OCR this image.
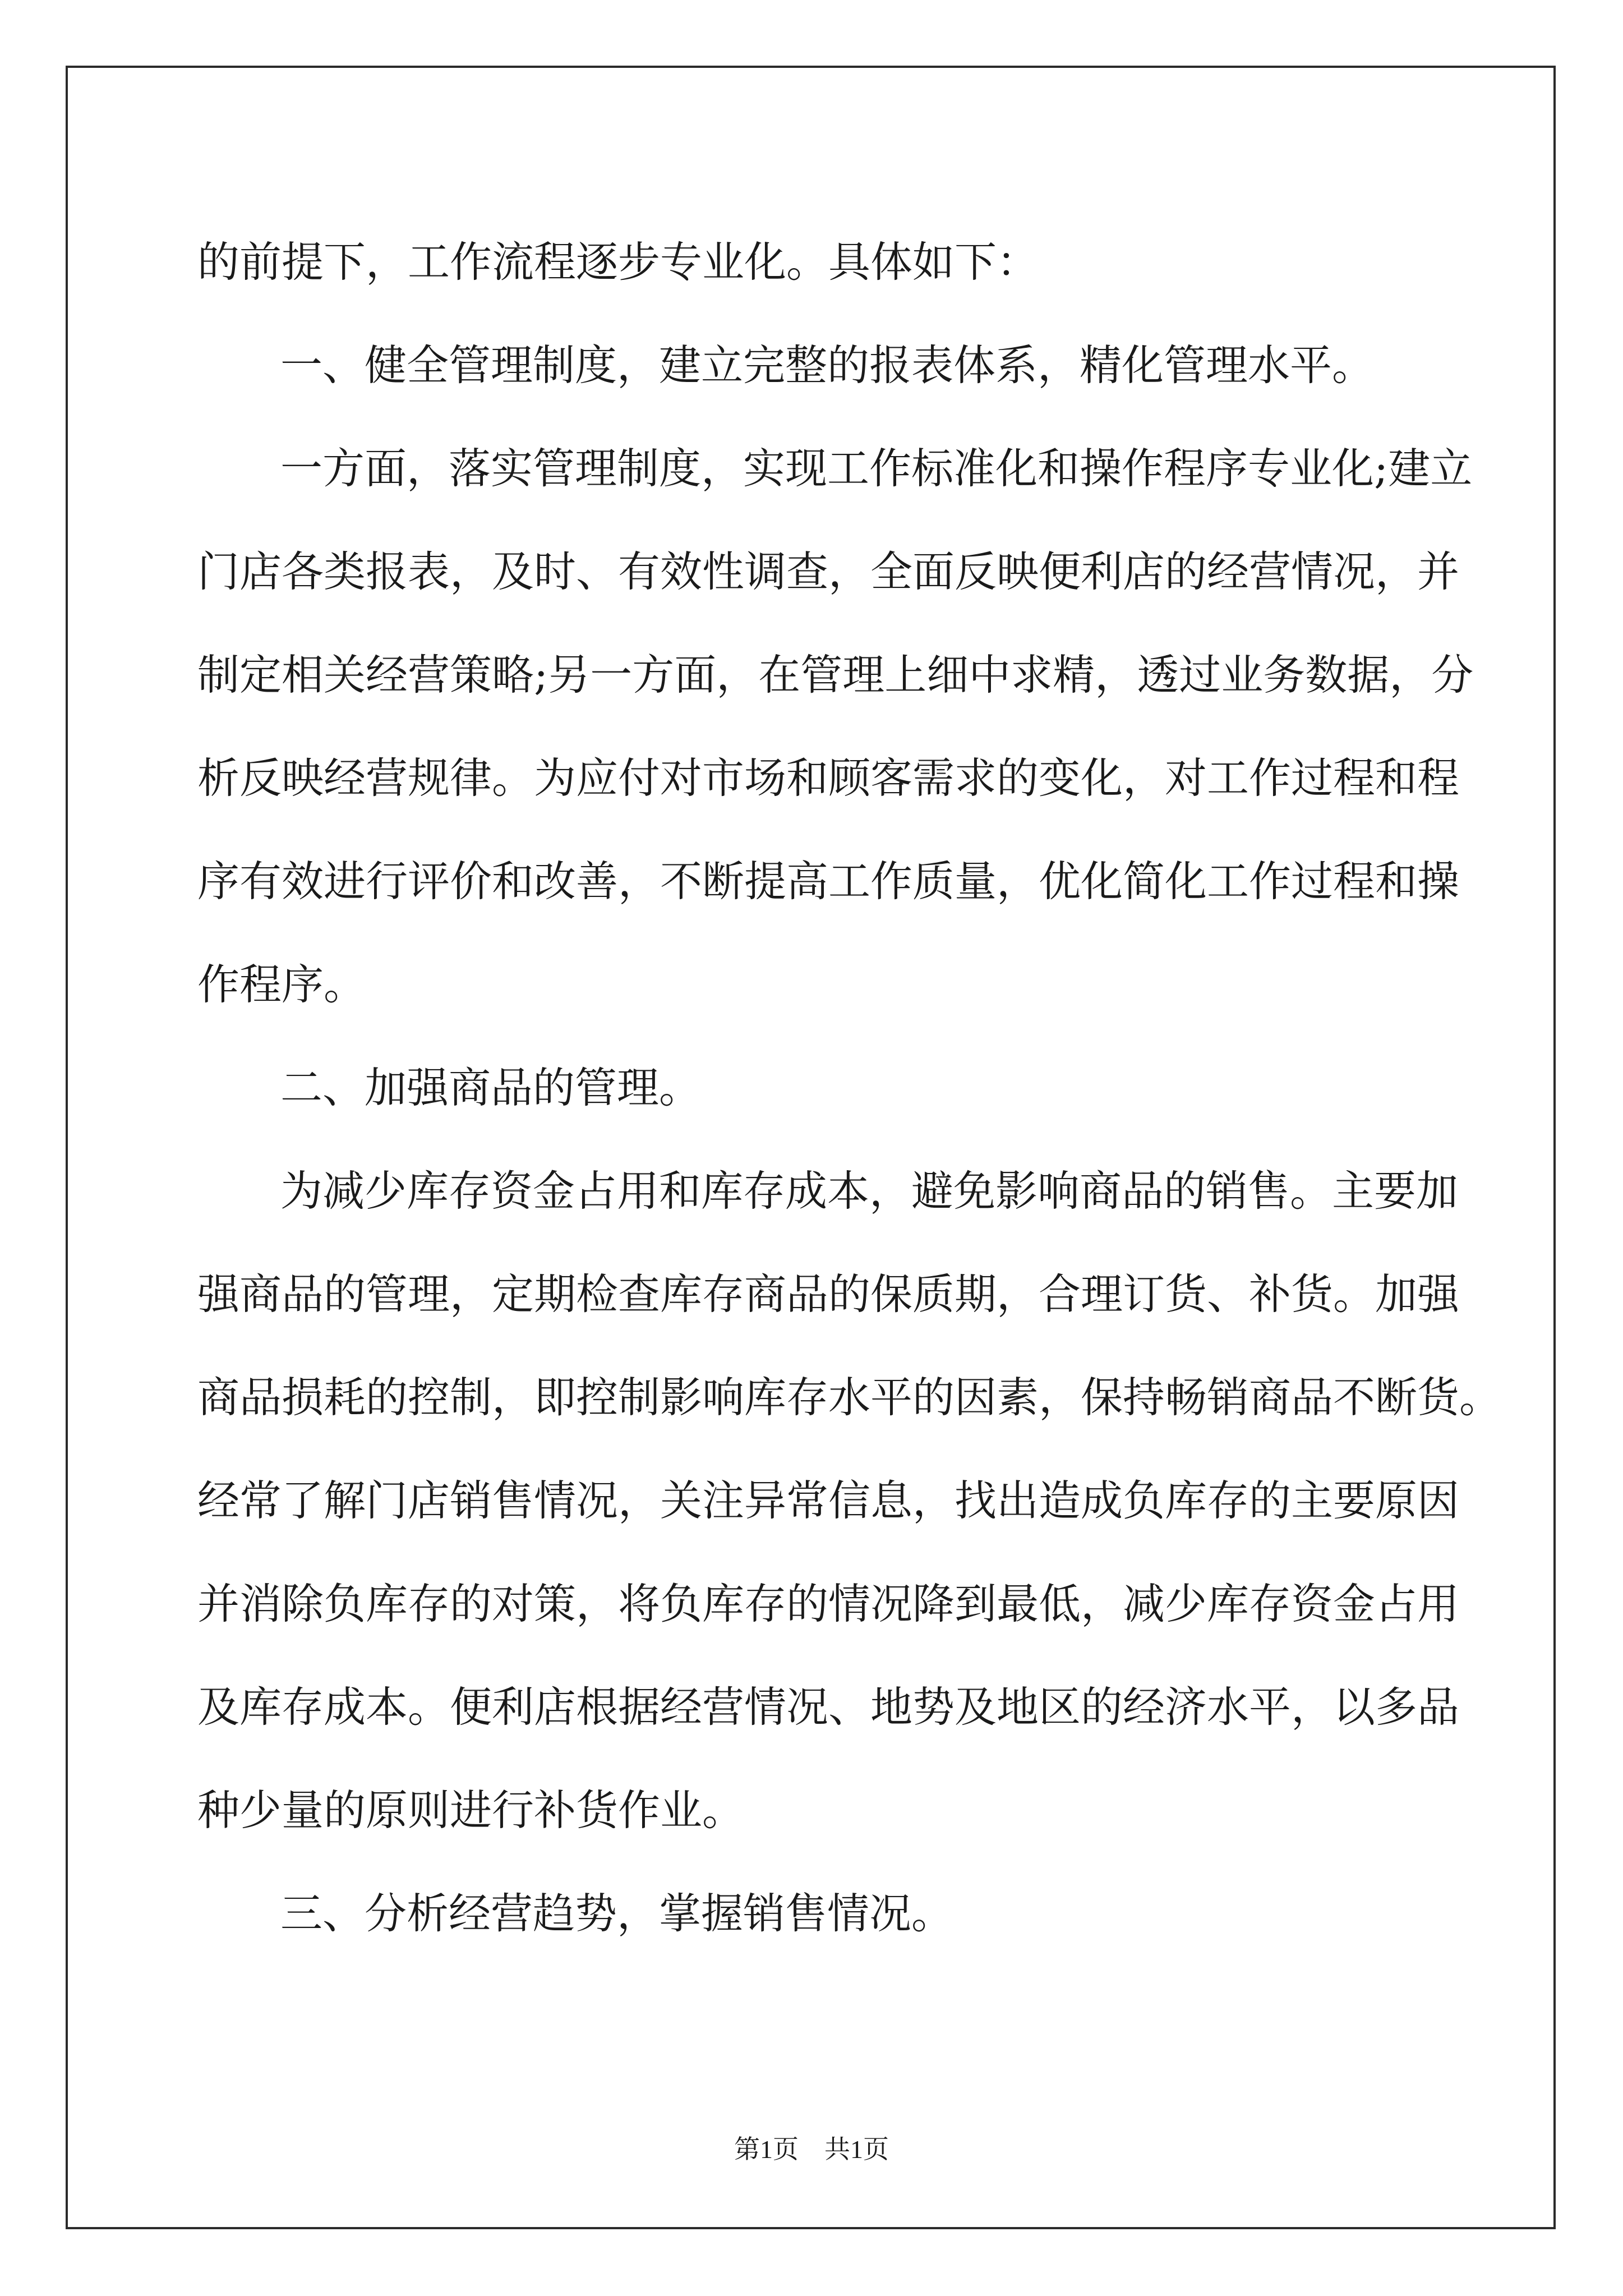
的前提下，工作流程逐步专业化。具体如下：
一、健全管理制度，建立完整的报表体系，精化管理水平。
一方面，落实管理制度，实现工作标准化和操作程序专业化;建立
门店各类报表，及时、有效性调查，全面反映便利店的经营情况，并
制定相关经营策略;另一方面，在管理上细中求精，透过业务数据，分
析反映经营规律。为应付对市场和顾客需求的变化，对工作过程和程
序有效进行评价和改善，不断提高工作质量，优化简化工作过程和操
作程序。
二、加强商品的管理。
为减少库存资金占用和库存成本，避免影响商品的销售。主要加
强商品的管理，定期检查库存商品的保质期，合理订货、补货。加强
商品损耗的控制，即控制影响库存水平的因素，保持畅销商品不断货。
经常了解门店销售情况，关注异常信息，找出造成负库存的主要原因
并消除负库存的对策，将负库存的情况降到最低，减少库存资金占用
及库存成本。便利店根据经营情况、地势及地区的经济水平，以多品
种少量的原则进行补货作业。
三、分析经营趋势，掌握销售情况。
第1页 共1页
